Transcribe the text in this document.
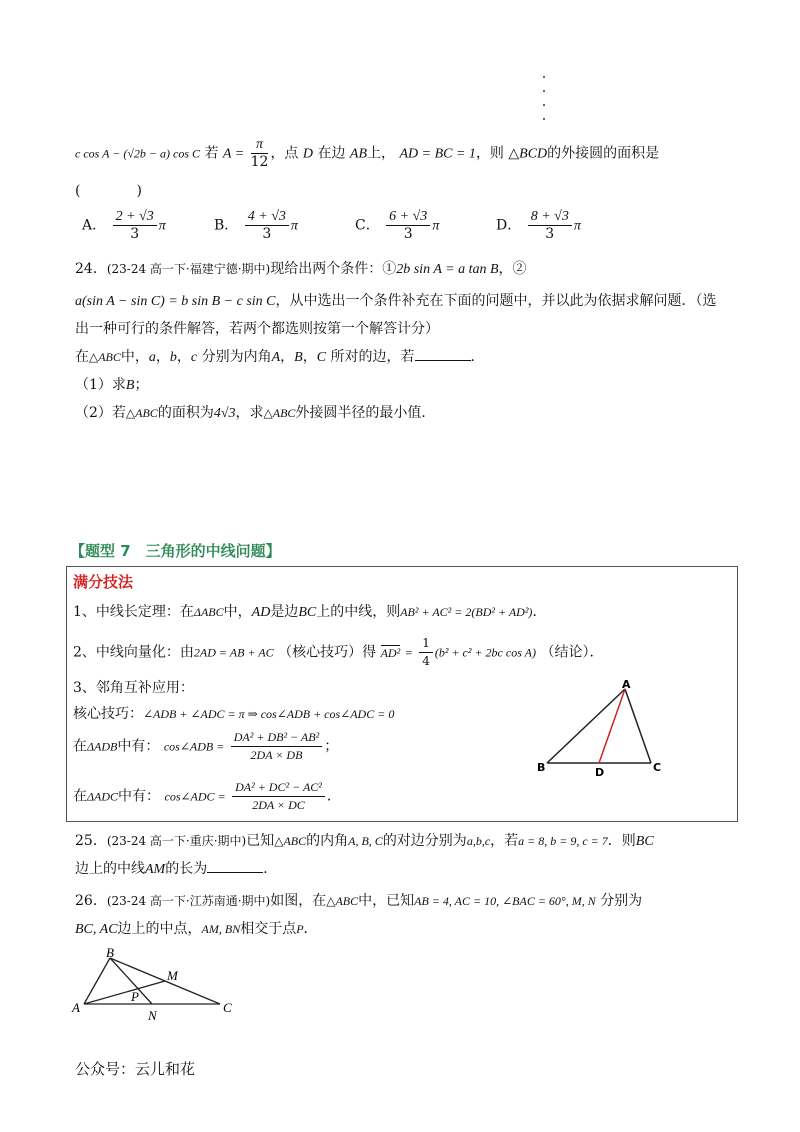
c cos A − (√2b − a) cos C 若 $A = \frac{\pi}{12}$ ，点 D 在边 AB上， AD = BC = 1，则 △BCD的外接圆的面积是
(　　　　)
A． $\frac{2 + √3}{3}$ π	B． $\frac{4 + √3}{3}$ π	C． $\frac{6 + √3}{3}$ π	D． $\frac{8 + √3}{3}$ π
24．(23-24 高一下·福建宁德·期中)现给出两个条件：①2b sin A = a tan B，②
a(sin A − sin C) = b sin B − c sin C，从中选出一个条件补充在下面的问题中，并以此为依据求解问题．（选
出一种可行的条件解答，若两个都选则按第一个解答计分）
在△ABC中，a，b，c 分别为内角A，B，C 所对的边，若	．
（1）求B；
（2）若△ABC的面积为4√3，求△ABC外接圆半径的最小值．
【题型 7　三角形的中线问题】
满分技法
1、中线长定理：在ΔABC中，AD是边BC上的中线，则AB² + AC² = 2(BD² + AD²)．
2、中线向量化：由2AD = AB + AC （核心技巧）得 $AD^2 = \frac{1}{4} (b^2 + c^2 + 2bc$ cos A) （结论）．
3、邻角互补应用：
核心技巧：∠ADB + ∠ADC = π ⇒ cos∠ADB + cos∠ADC = 0
在ΔADB中有： cos∠ADB = $\frac{\text{DA² + DB² − AB²}}{2DA \times DB}$ ；
在ΔADC中有： cos∠ADC = $\frac{\text{DA² + DC² − AC²}}{2DA \times DC}$ ．
A
B	D	C
25．(23-24 高一下·重庆·期中)已知△ABC的内角A, B, C的对边分别为a,b,c，若a = 8, b = 9, c = 7．则BC
边上的中线AM的长为	．
26．(23-24 高一下·江苏南通·期中)如图，在△ABC中，已知AB = 4, AC = 10, ∠BAC = 60°, M, N 分别为
BC, AC边上的中点，AM, BN相交于点P．
B
M
P
A
N
C
公众号：云儿和花
